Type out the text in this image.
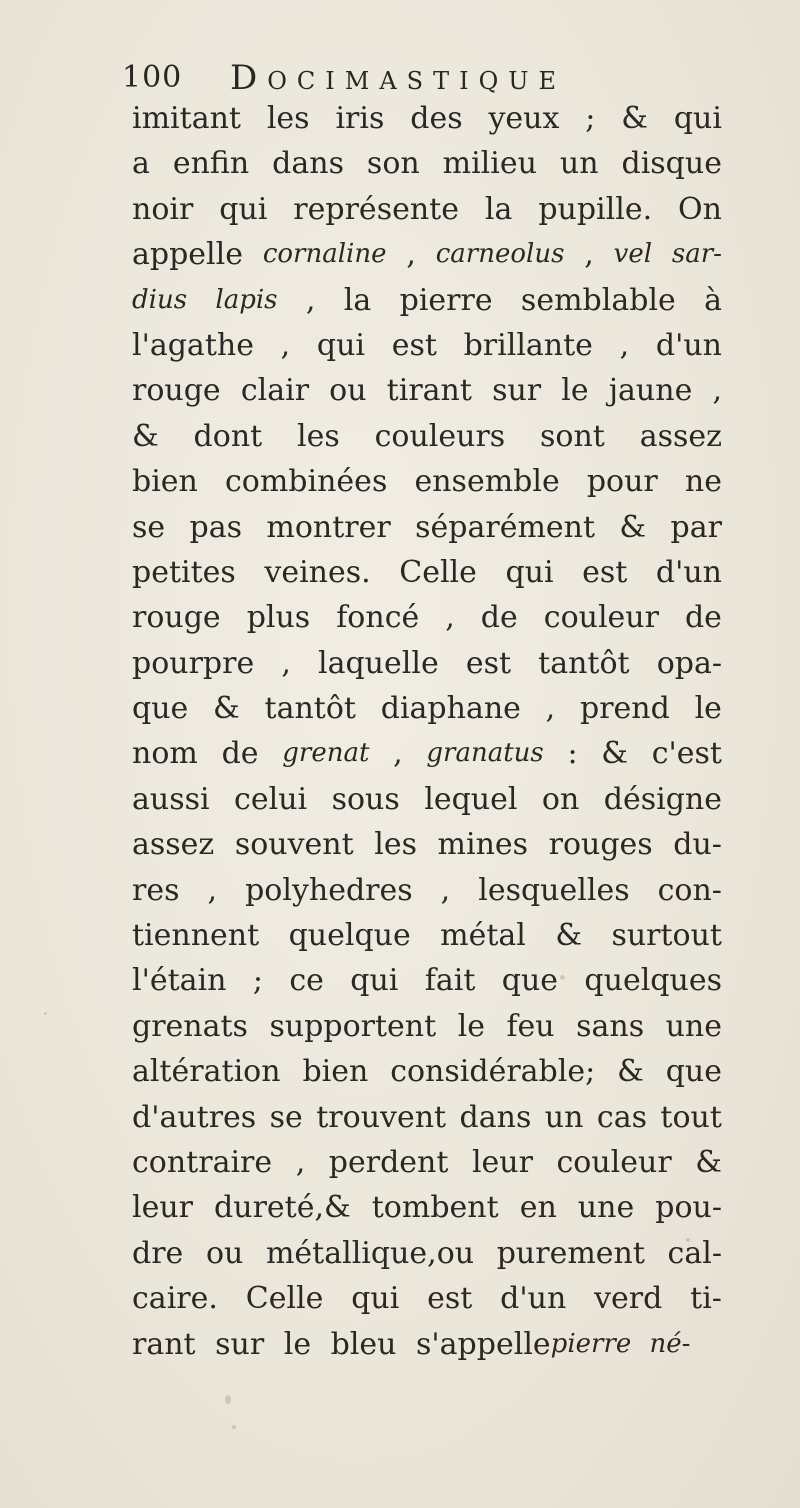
100 Docimastique
imitant les iris des yeux ; & qui
a enfin dans son milieu un disque
noir qui représente la pupille. On
appelle cornaline , carneolus , vel sar-
dius lapis , la pierre semblable à
l'agathe , qui est brillante , d'un
rouge clair ou tirant sur le jaune ,
& dont les couleurs sont assez
bien combinées ensemble pour ne
se pas montrer séparément & par
petites veines. Celle qui est d'un
rouge plus foncé , de couleur de
pourpre , laquelle est tantôt opa-
que & tantôt diaphane , prend le
nom de grenat , granatus : & c'est
aussi celui sous lequel on désigne
assez souvent les mines rouges du-
res , polyhedres , lesquelles con-
tiennent quelque métal & surtout
l'étain ; ce qui fait que quelques
grenats supportent le feu sans une
altération bien considérable; & que
d'autres se trouvent dans un cas tout
contraire , perdent leur couleur &
leur dureté,& tombent en une pou-
dre ou métallique,ou purement cal-
caire. Celle qui est d'un verd ti-
rant sur le bleu s'appelle pierre né-
